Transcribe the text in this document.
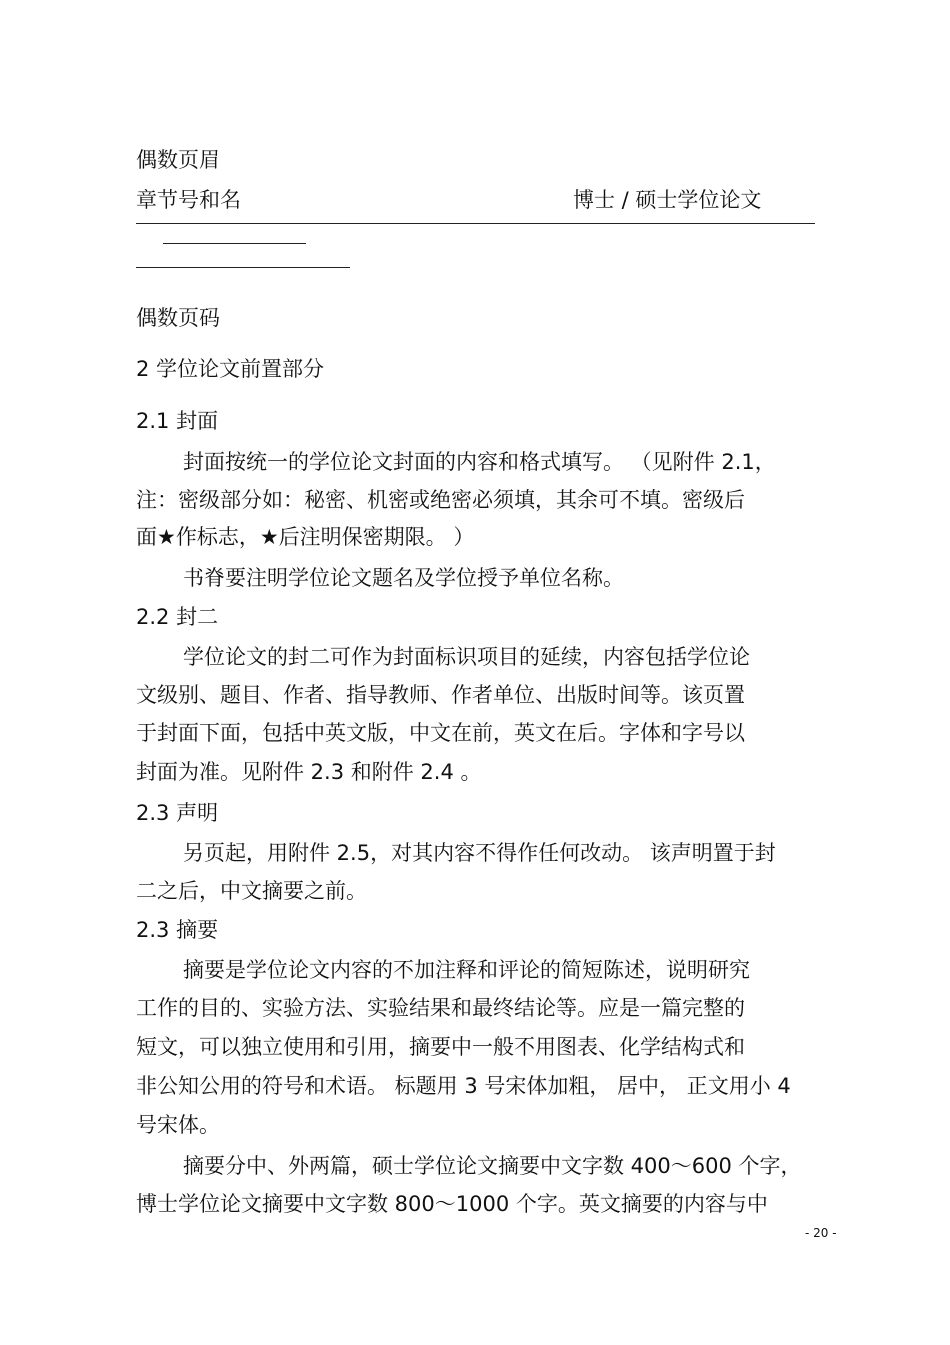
偶数页眉
章节号和名	博士 / 硕士学位论文
偶数页码
2 学位论文前置部分
2.1 封面
封面按统一的学位论文封面的内容和格式填写。 （见附件 2.1，
注：密级部分如：秘密、机密或绝密必须填，其余可不填。密级后
面★作标志，★后注明保密期限。 ）
书脊要注明学位论文题名及学位授予单位名称。
2.2 封二
学位论文的封二可作为封面标识项目的延续，内容包括学位论
文级别、题目、作者、指导教师、作者单位、出版时间等。该页置
于封面下面，包括中英文版，中文在前，英文在后。字体和字号以
封面为准。见附件 2.3 和附件 2.4 。
2.3 声明
另页起，用附件 2.5，对其内容不得作任何改动。 该声明置于封
二之后，中文摘要之前。
2.3 摘要
摘要是学位论文内容的不加注释和评论的简短陈述，说明研究
工作的目的、实验方法、实验结果和最终结论等。应是一篇完整的
短文，可以独立使用和引用，摘要中一般不用图表、化学结构式和
非公知公用的符号和术语。 标题用 3 号宋体加粗， 居中， 正文用小 4
号宋体。
摘要分中、外两篇，硕士学位论文摘要中文字数 400～600 个字，
博士学位论文摘要中文字数 800～1000 个字。英文摘要的内容与中
- 20 -
